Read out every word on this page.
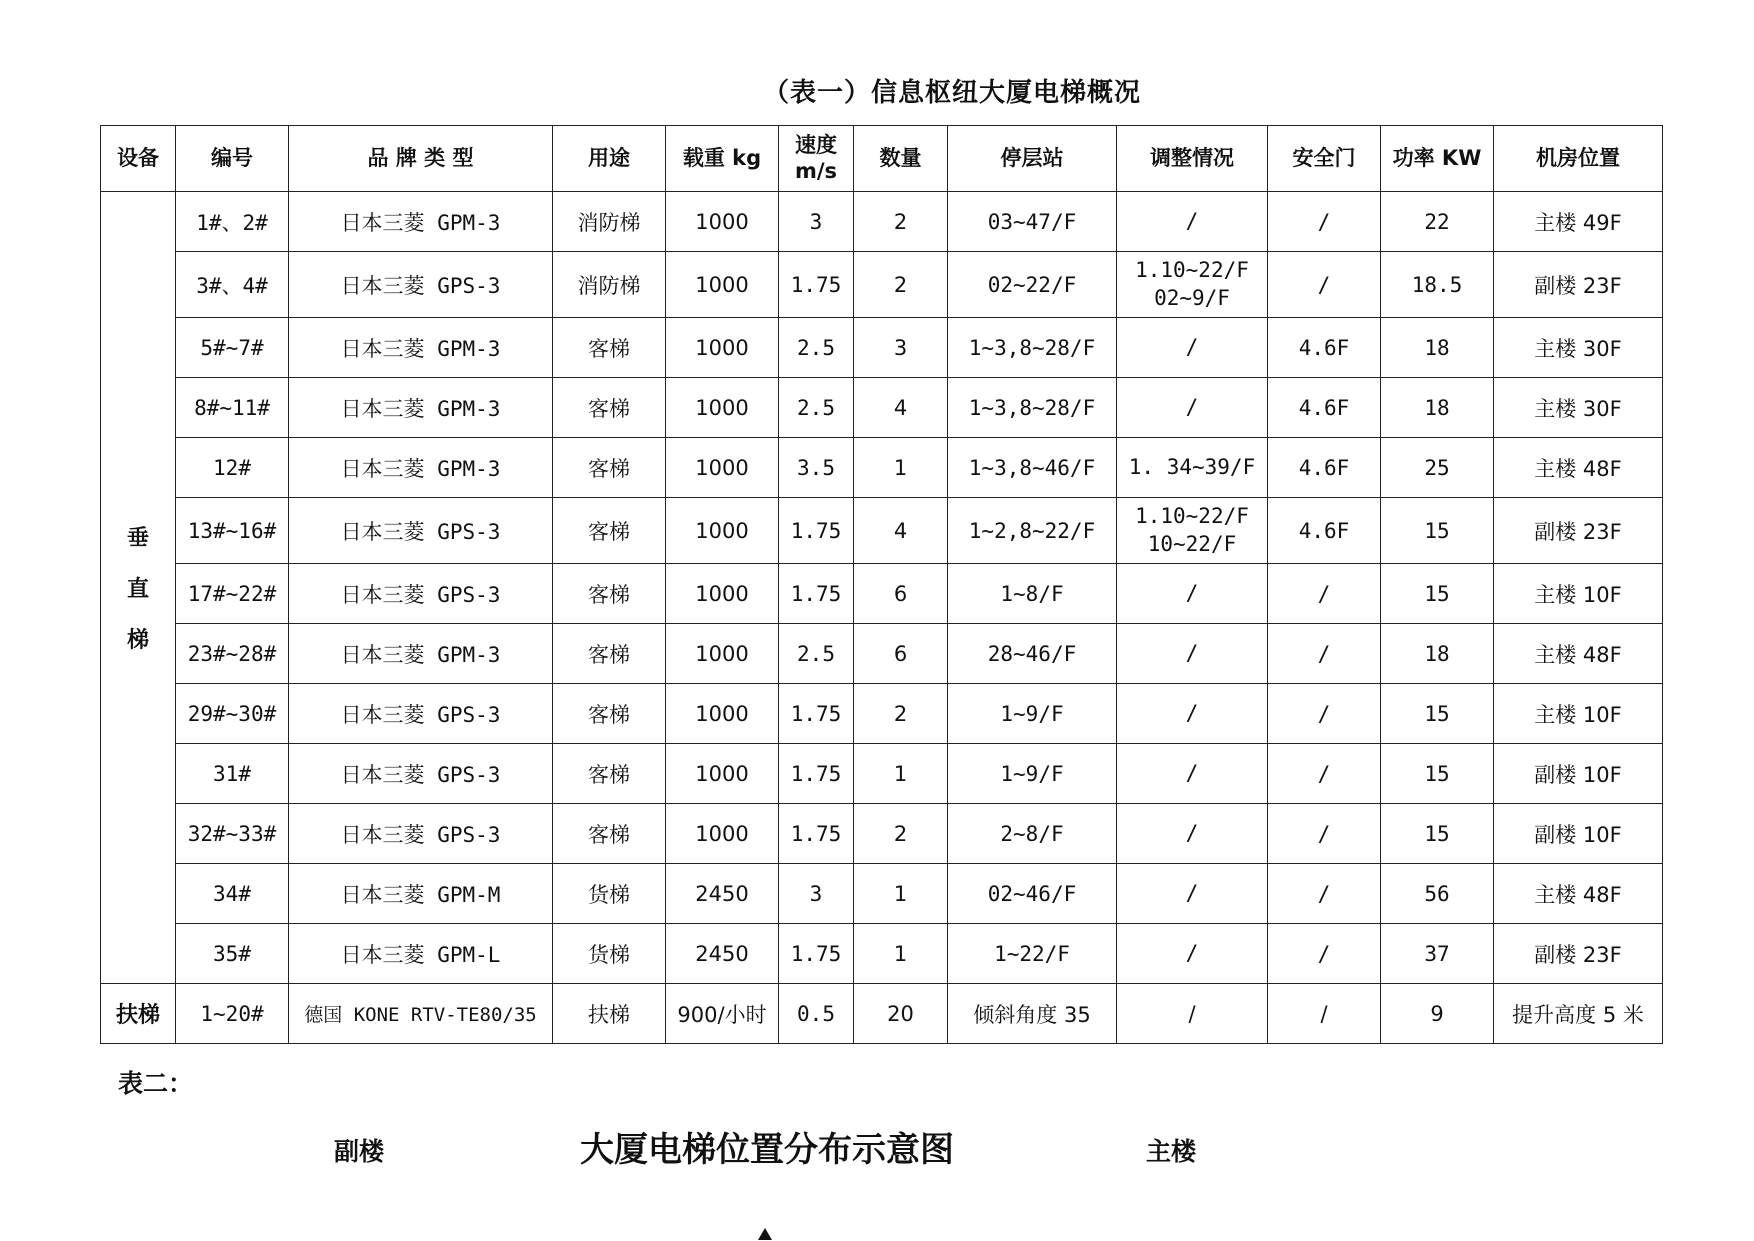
（表一）信息枢纽大厦电梯概况
设备	编号	品 牌 类 型	用途	载重 kg	速度 m/s	数量	停层站	调整情况	安全门	功率 KW	机房位置

垂
直
梯	1#、2#	日本三菱 GPM-3	消防梯	1000	3	2	03~47/F	/	/	22	主楼 49F
	3#、4#	日本三菱 GPS-3	消防梯	1000	1.75	2	02~22/F	1.10~22/F
02~9/F	/	18.5	副楼 23F
	5#~7#	日本三菱 GPM-3	客梯	1000	2.5	3	1~3,8~28/F	/	4.6F	18	主楼 30F
	8#~11#	日本三菱 GPM-3	客梯	1000	2.5	4	1~3,8~28/F	/	4.6F	18	主楼 30F
	12#	日本三菱 GPM-3	客梯	1000	3.5	1	1~3,8~46/F	1. 34~39/F	4.6F	25	主楼 48F
	13#~16#	日本三菱 GPS-3	客梯	1000	1.75	4	1~2,8~22/F	1.10~22/F
10~22/F	4.6F	15	副楼 23F
	17#~22#	日本三菱 GPS-3	客梯	1000	1.75	6	1~8/F	/	/	15	主楼 10F
	23#~28#	日本三菱 GPM-3	客梯	1000	2.5	6	28~46/F	/	/	18	主楼 48F
	29#~30#	日本三菱 GPS-3	客梯	1000	1.75	2	1~9/F	/	/	15	主楼 10F
	31#	日本三菱 GPS-3	客梯	1000	1.75	1	1~9/F	/	/	15	副楼 10F
	32#~33#	日本三菱 GPS-3	客梯	1000	1.75	2	2~8/F	/	/	15	副楼 10F
	34#	日本三菱 GPM-M	货梯	2450	3	1	02~46/F	/	/	56	主楼 48F
	35#	日本三菱 GPM-L	货梯	2450	1.75	1	1~22/F	/	/	37	副楼 23F
扶梯	1~20#	德国 KONE RTV-TE80/35	扶梯	900/小时	0.5	20	倾斜角度 35	/	/	9	提升高度 5 米
表二：
副楼	大厦电梯位置分布示意图	主楼
